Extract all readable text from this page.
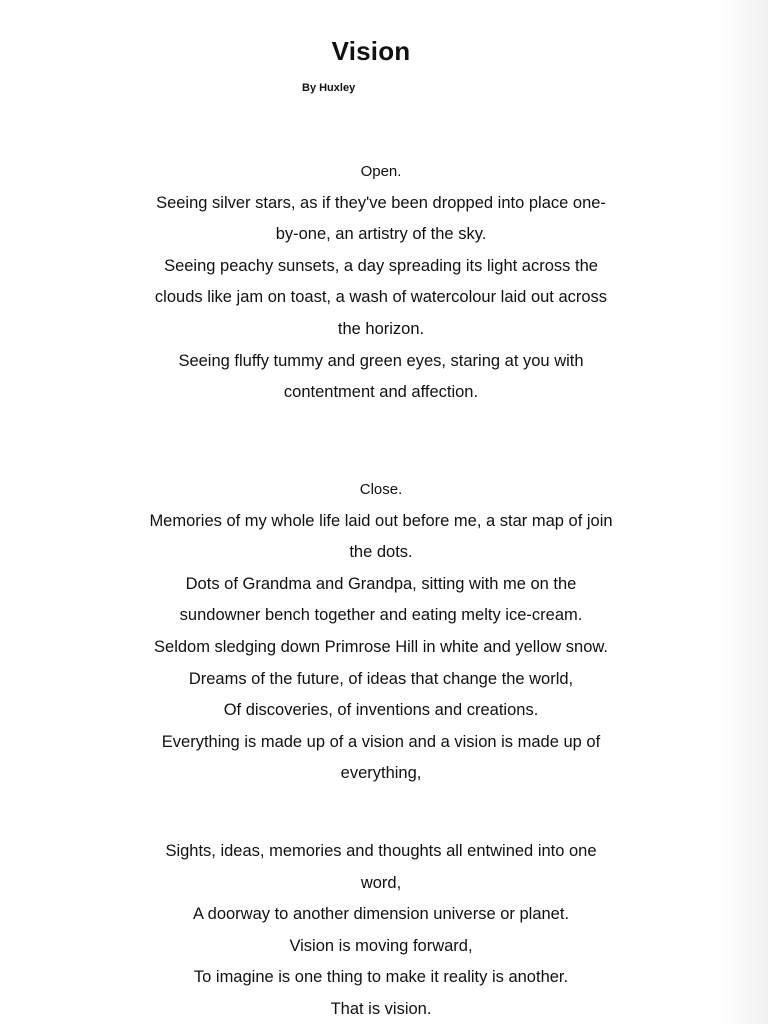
Vision

By Huxley

Open.

Seeing silver stars, as if they've been dropped into place one-

by-one, an artistry of the sky.

Seeing peachy sunsets, a day spreading its light across the

clouds like jam on toast, a wash of watercolour laid out across

the horizon.

Seeing fluffy tummy and green eyes, staring at you with

contentment and affection.

Close.

Memories of my whole life laid out before me, a star map of join

the dots.

Dots of Grandma and Grandpa, sitting with me on the

sundowner bench together and eating melty ice-cream.

Seldom sledging down Primrose Hill in white and yellow snow.

Dreams of the future, of ideas that change the world,

Of discoveries, of inventions and creations.

Everything is made up of a vision and a vision is made up of

everything,

Sights, ideas, memories and thoughts all entwined into one

word,

A doorway to another dimension universe or planet.

Vision is moving forward,

To imagine is one thing to make it reality is another.

That is vision.
